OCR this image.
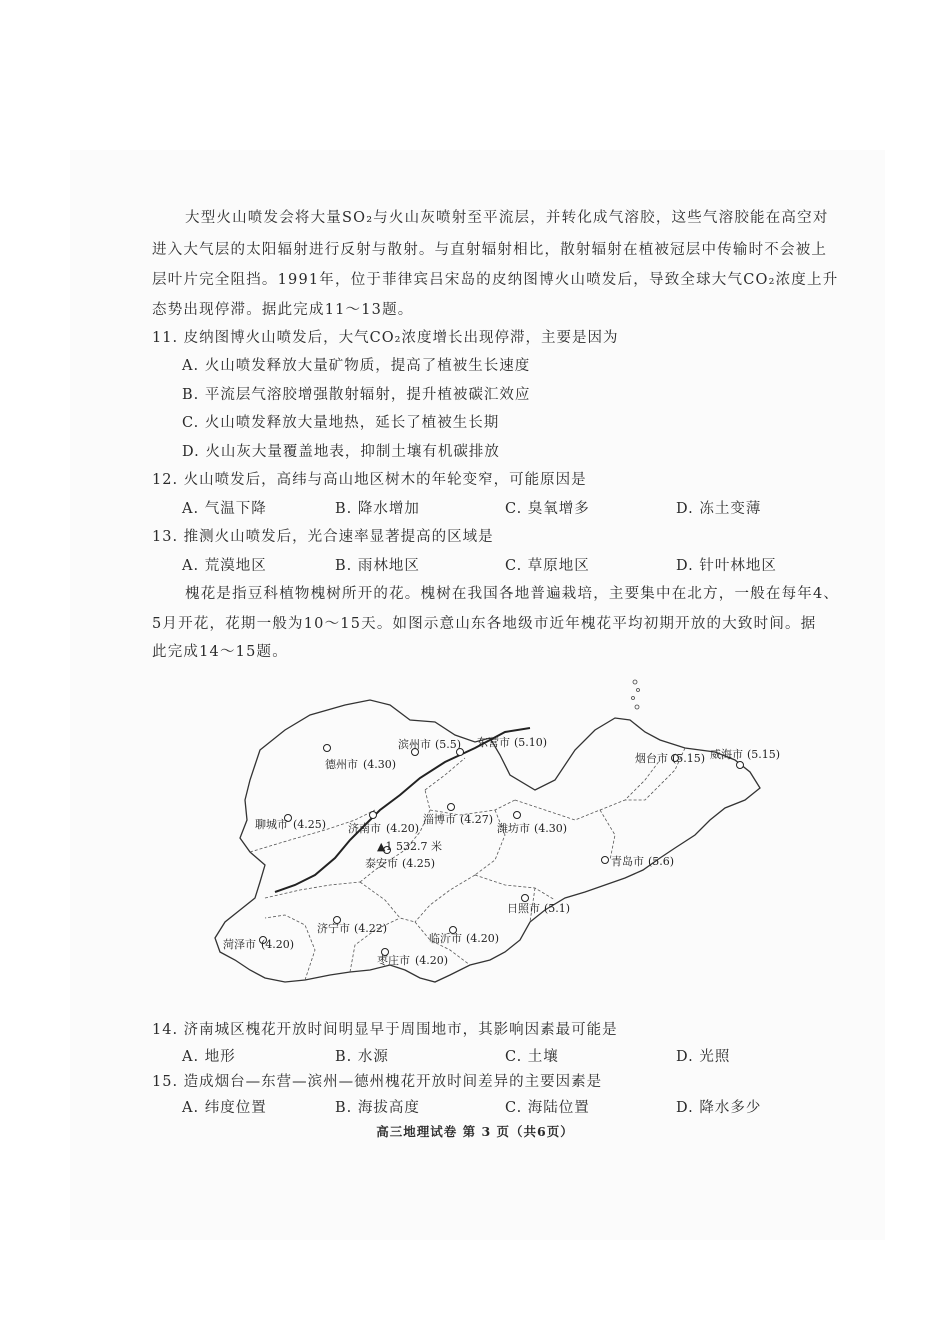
大型火山喷发会将大量SO₂与火山灰喷射至平流层，并转化成气溶胶，这些气溶胶能在高空对
进入大气层的太阳辐射进行反射与散射。与直射辐射相比，散射辐射在植被冠层中传输时不会被上
层叶片完全阻挡。1991年，位于菲律宾吕宋岛的皮纳图博火山喷发后，导致全球大气CO₂浓度上升
态势出现停滞。据此完成11～13题。
11. 皮纳图博火山喷发后，大气CO₂浓度增长出现停滞，主要是因为
A. 火山喷发释放大量矿物质，提高了植被生长速度
B. 平流层气溶胶增强散射辐射，提升植被碳汇效应
C. 火山喷发释放大量地热，延长了植被生长期
D. 火山灰大量覆盖地表，抑制土壤有机碳排放
12. 火山喷发后，高纬与高山地区树木的年轮变窄，可能原因是
A. 气温下降	B. 降水增加	C. 臭氧增多	D. 冻土变薄
13. 推测火山喷发后，光合速率显著提高的区域是
A. 荒漠地区	B. 雨林地区	C. 草原地区	D. 针叶林地区
槐花是指豆科植物槐树所开的花。槐树在我国各地普遍栽培，主要集中在北方，一般在每年4、
5月开花，花期一般为10～15天。如图示意山东各地级市近年槐花平均初期开放的大致时间。据
此完成14～15题。
德州市 (4.30)
滨州市 (5.5) 东营市 (5.10)
烟台市 (5.15) 威海市 (5.15)
聊城市 (4.25) 济南市 (4.20)
淄博市 (4.27)
潍坊市 (4.30)
▲1 532.7 米
泰安市 (4.25)	青岛市 (5.6)
日照市 (5.1)
济宁市 (4.22)
临沂市 (4.20)
菏泽市 (4.20)
枣庄市 (4.20)
14. 济南城区槐花开放时间明显早于周围地市，其影响因素最可能是
A. 地形	B. 水源	C. 土壤	D. 光照
15. 造成烟台—东营—滨州—德州槐花开放时间差异的主要因素是
A. 纬度位置	B. 海拔高度	C. 海陆位置	D. 降水多少
高三地理试卷 第 3 页（共6页）
